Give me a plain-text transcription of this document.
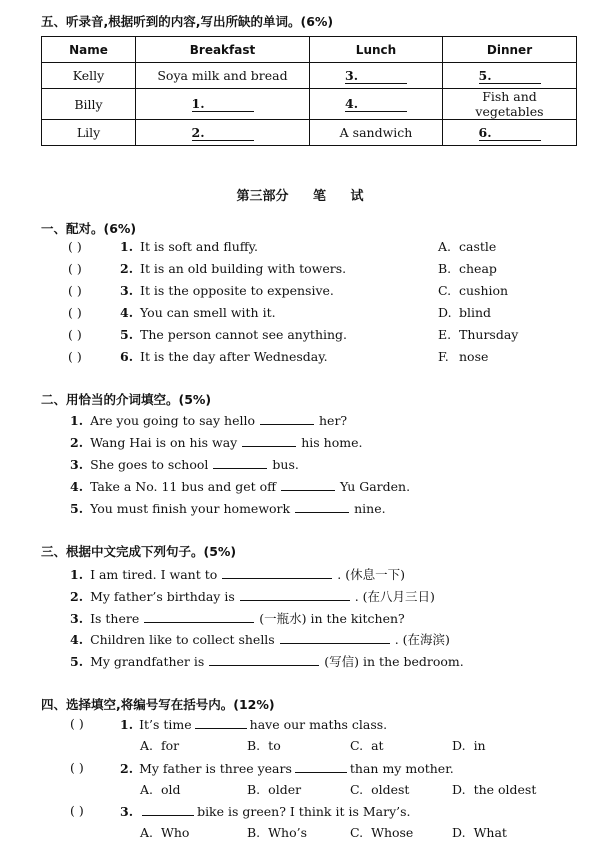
五、听录音,根据听到的内容,写出所缺的单词。(6%)
Name	Breakfast	Lunch	Dinner
Kelly	Soya milk and bread	3.	5.
Billy	1.	4.	Fish and vegetables
Lily	2.	A sandwich	6.
第三部分 笔 试
一、配对。(6%)
( )	1. It is soft and fluffy.	A. castle
( )	2. It is an old building with towers.	B. cheap
( )	3. It is the opposite to expensive.	C. cushion
( )	4. You can smell with it.	D. blind
( )	5. The person cannot see anything.	E. Thursday
( )	6. It is the day after Wednesday.	F. nose
二、用恰当的介词填空。(5%)
1. Are you going to say hello	her?
2. Wang Hai is on his way	his home.
3. She goes to school	bus.
4. Take a No. 11 bus and get off	Yu Garden.
5. You must finish your homework	nine.
三、根据中文完成下列句子。(5%)
1. I am tired. I want to	. (休息一下)
2. My father’s birthday is	. (在八月三日)
3. Is there	(一瓶水) in the kitchen?
4. Children like to collect shells	. (在海滨)
5. My grandfather is	(写信) in the bedroom.
四、选择填空,将编号写在括号内。(12%)
( )	1. It’s time	have our maths class.
A. for	B. to	C. at	D. in
( )	2. My father is three years	than my mother.
A. old	B. older	C. oldest	D. the oldest
( )	3.	bike is green? I think it is Mary’s.
A. Who	B. Who’s	C. Whose	D. What
